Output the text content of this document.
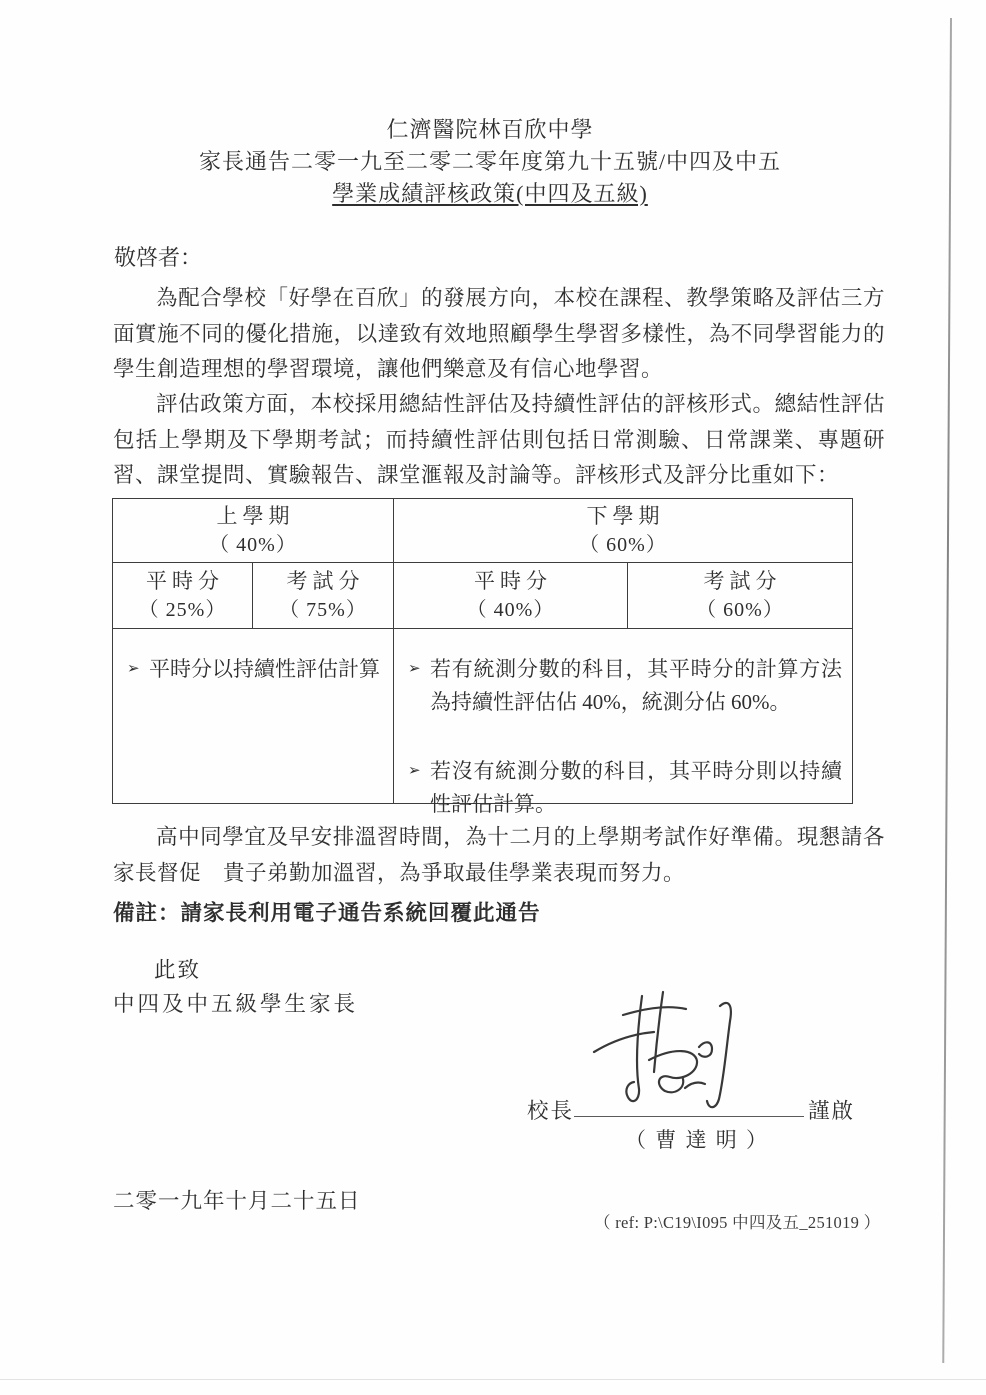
仁濟醫院林百欣中學
家長通告二零一九至二零二零年度第九十五號/中四及中五
學業成績評核政策(中四及五級)
敬啓者：
為配合學校「好學在百欣」的發展方向，本校在課程、教學策略及評估三方面實施不同的優化措施，以達致有效地照顧學生學習多樣性，為不同學習能力的學生創造理想的學習環境，讓他們樂意及有信心地學習。
評估政策方面，本校採用總結性評估及持續性評估的評核形式。總結性評估包括上學期及下學期考試；而持續性評估則包括日常測驗、日常課業、專題研習、課堂提問、實驗報告、課堂滙報及討論等。評核形式及評分比重如下：
上學期
（ 40%）
下學期
（ 60%）
平時分
（ 25%）
考試分
（ 75%）
平時分
（ 40%）
考試分
（ 60%）
➢ 平時分以持續性評估計算 ➢ 若有統測分數的科目，其平時分的計算方法為持續性評估佔 40%，統測分佔 60%。
➢ 若沒有統測分數的科目，其平時分則以持續性評估計算。
高中同學宜及早安排溫習時間，為十二月的上學期考試作好準備。現懇請各家長督促　貴子弟勤加溫習，為爭取最佳學業表現而努力。
備註：請家長利用電子通告系統回覆此通告
此致
中四及中五級學生家長
校長	謹啟
（ 曹 達 明 ）
二零一九年十月二十五日
（ ref: P:\C19\I095 中四及五_251019 ）
